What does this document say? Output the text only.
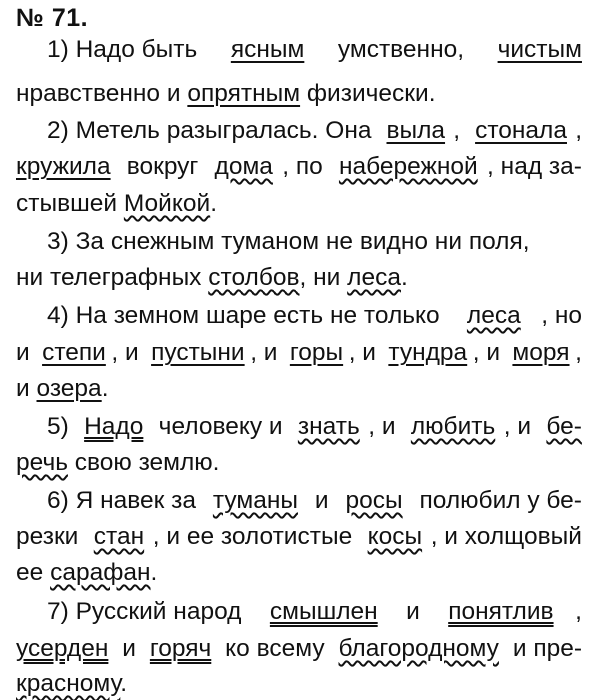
№ 71.
1) Надо быть ясным умственно, чистым
нравственно и опрятным физически.
2) Метель разыгралась. Она выла , стонала ,
кружила вокруг дома , по набережной , над за-
стывшей Мойкой.
3) За снежным туманом не видно ни поля,
ни телеграфных столбов, ни леса.
4) На земном шаре есть не только леса , но
и степи , и пустыни , и горы , и тундра , и моря ,
и озера.
5) Надо человеку и знать , и любить , и бе-
речь свою землю.
6) Я навек за туманы и росы полюбил у бе-
резки стан , и ее золотистые косы , и холщовый
ее сарафан.
7) Русский народ смышлен и понятлив ,
усерден и горяч ко всему благородному и пре-
красному.
